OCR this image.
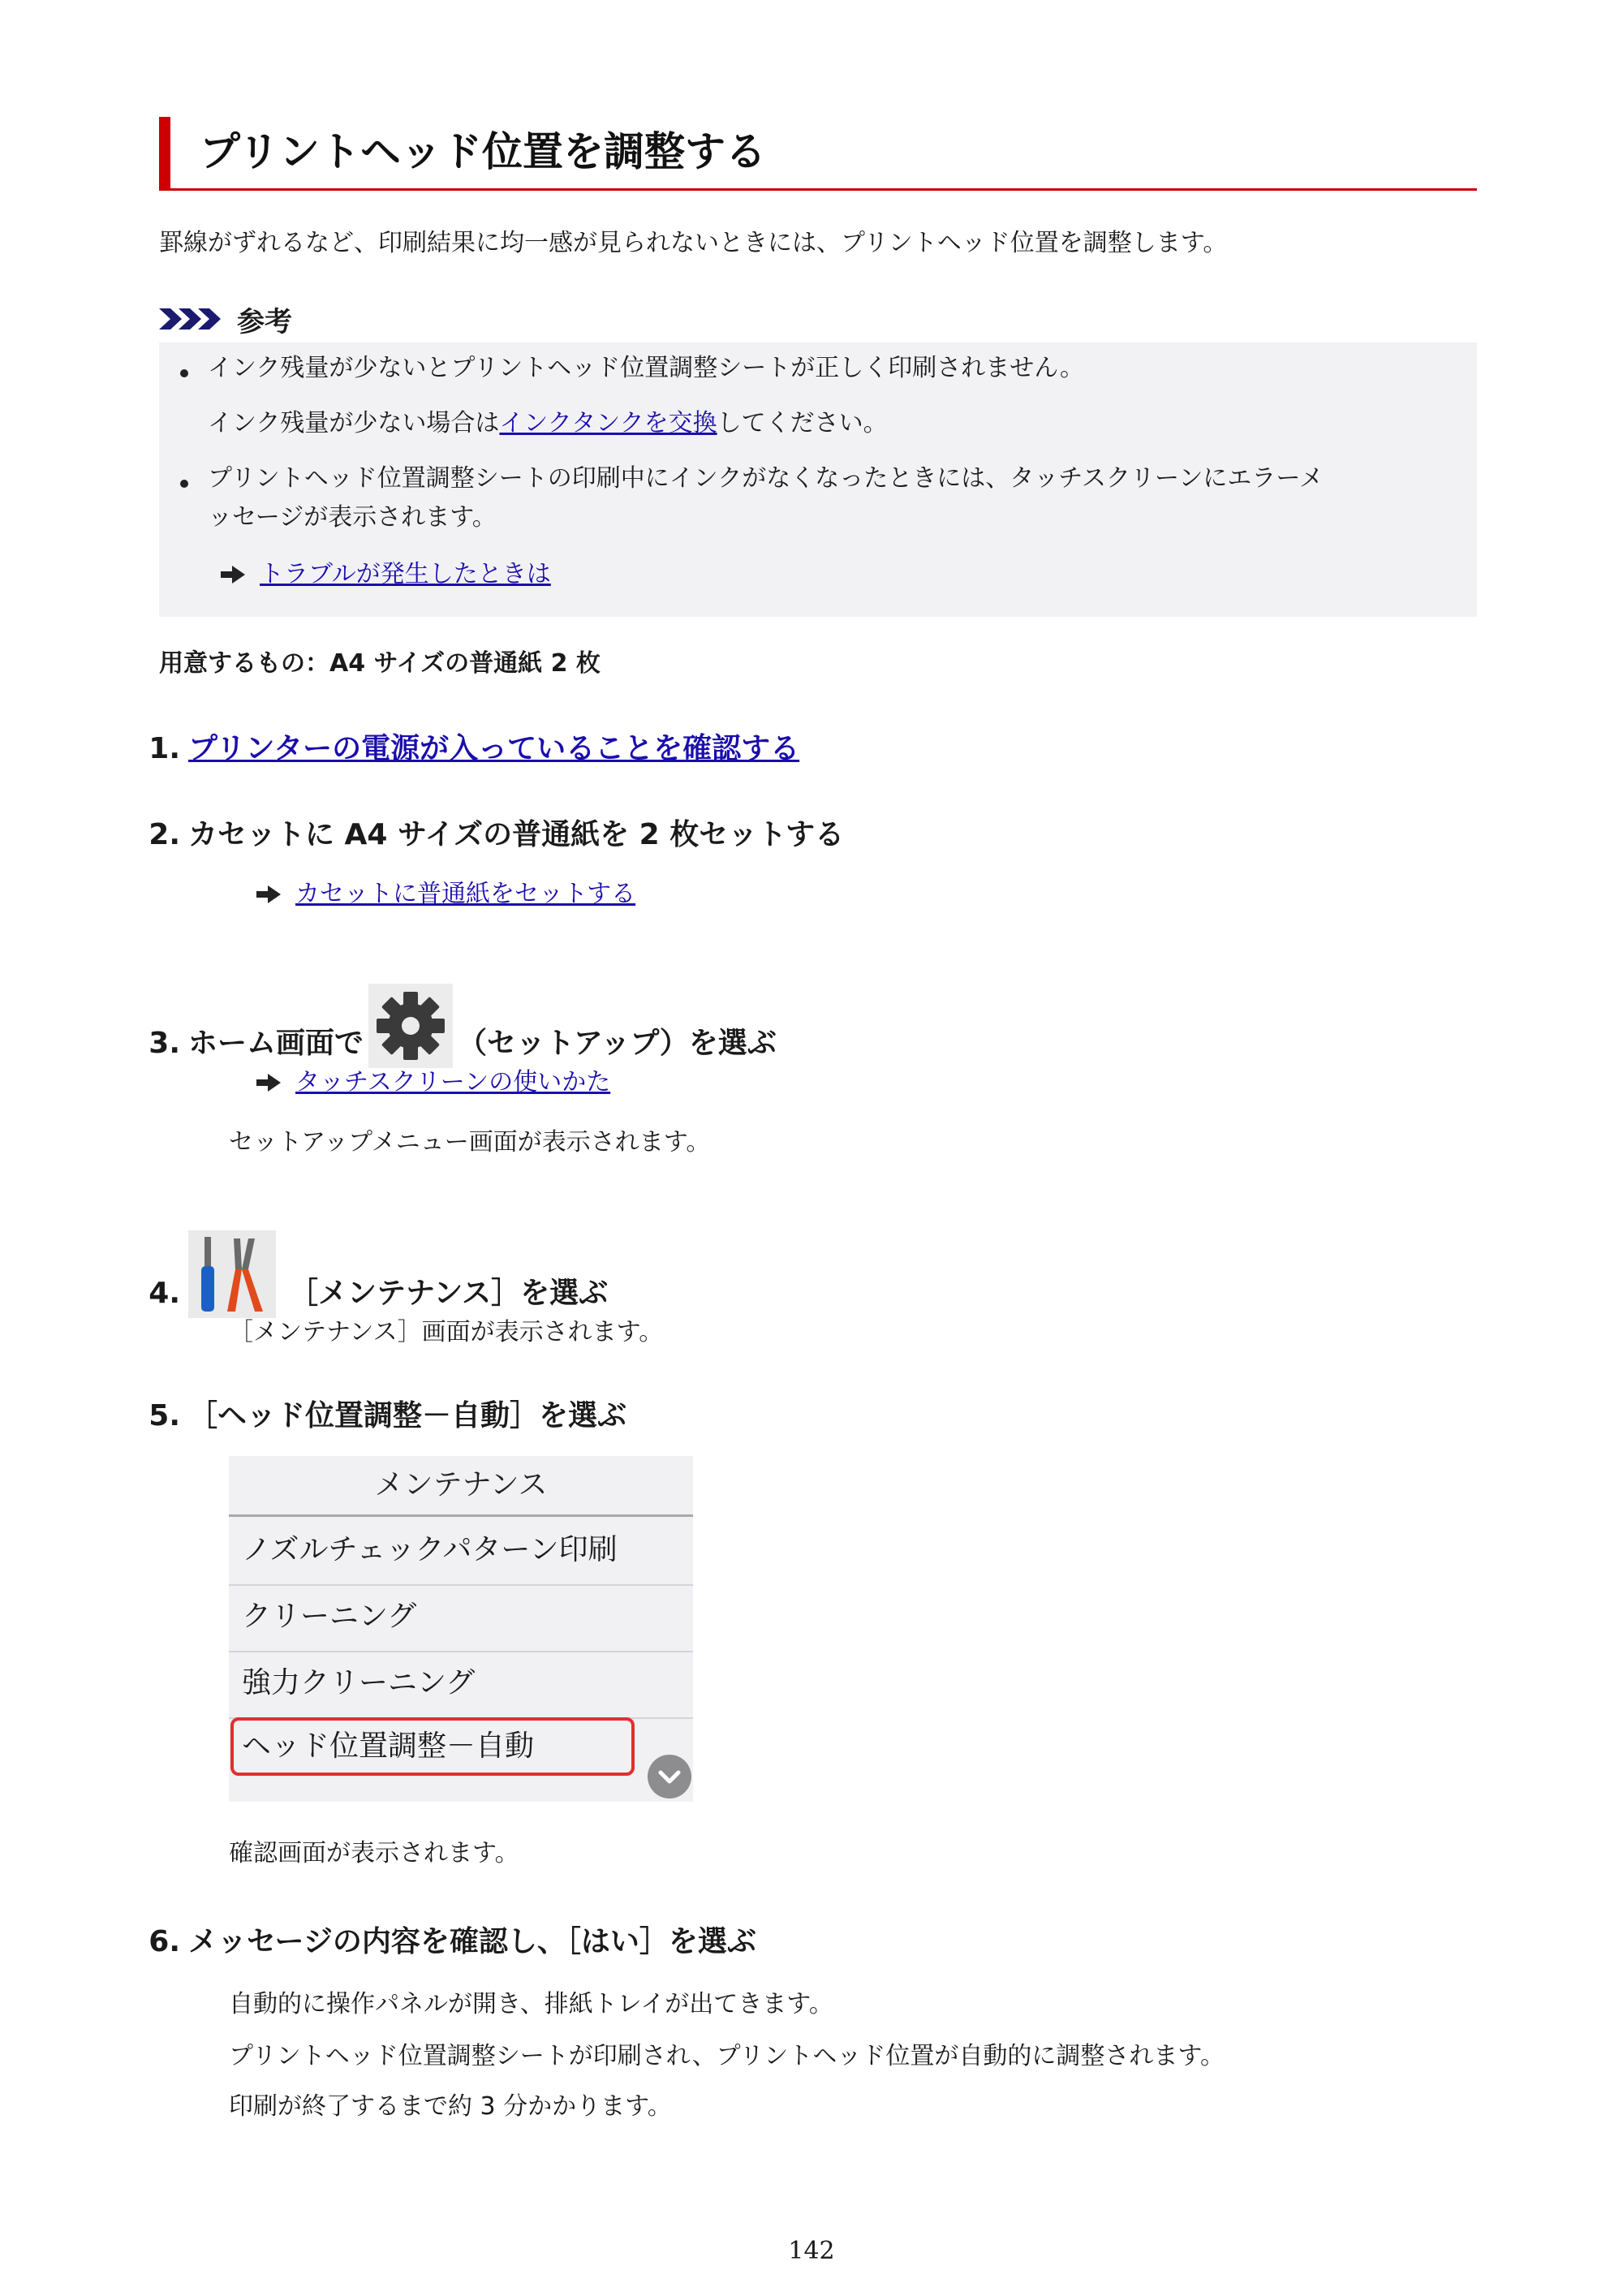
プリントヘッド位置を調整する
罫線がずれるなど、印刷結果に均一感が見られないときには、プリントヘッド位置を調整します。
参考
インク残量が少ないとプリントヘッド位置調整シートが正しく印刷されません。
インク残量が少ない場合はインクタンクを交換してください。
プリントヘッド位置調整シートの印刷中にインクがなくなったときには、タッチスクリーンにエラーメ
ッセージが表示されます。
トラブルが発生したときは
用意するもの：A4 サイズの普通紙 2 枚
1. プリンターの電源が入っていることを確認する
2. カセットに A4 サイズの普通紙を 2 枚セットする
カセットに普通紙をセットする
3. ホーム画面で	（セットアップ）を選ぶ
タッチスクリーンの使いかた
セットアップメニュー画面が表示されます。
4.	［メンテナンス］を選ぶ
［メンテナンス］画面が表示されます。
5. ［ヘッド位置調整－自動］を選ぶ
メンテナンス
ノズルチェックパターン印刷
クリーニング
強力クリーニング
ヘッド位置調整－自動
確認画面が表示されます。
6. メッセージの内容を確認し、［はい］を選ぶ
自動的に操作パネルが開き、排紙トレイが出てきます。
プリントヘッド位置調整シートが印刷され、プリントヘッド位置が自動的に調整されます。
印刷が終了するまで約 3 分かかります。
142
